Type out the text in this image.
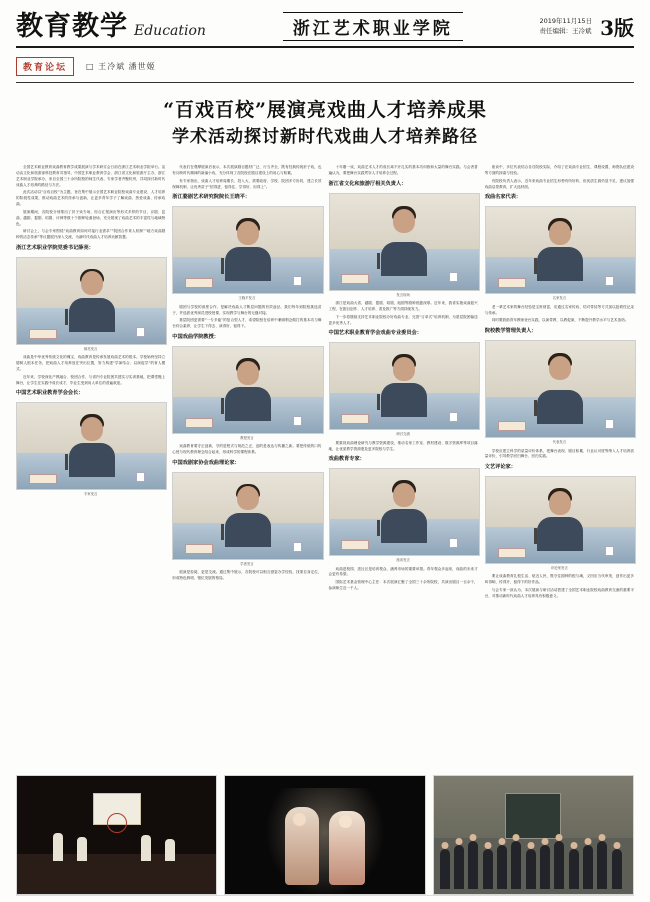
教育教学 Education	浙江艺术职业学院	2019年11月15日
责任编辑：王冷斌 3版
教育论坛	□ 王冷斌 潘世姬
“百戏百校”展演亮戏曲人才培养成果
学术活动探讨新时代戏曲人才培养路径

全国艺术职业教育戏曲教育教学成果展演与学术研讨会日前在浙江艺术职业学院举行。活动由文化和旅游部科技教育司指导，中国艺术职业教育学会、浙江省文化和旅游厅主办，浙江艺术职业学院承办，来自全国三十余所院校的师生代表、专家学者齐聚杭州，共同探讨新时代戏曲人才培养的路径与方法。

此次活动以“百戏百校”为主题，旨在集中展示全国艺术职业院校戏曲专业建设、人才培养的阶段性成果，推动戏曲艺术的传承与创新，让更多青年学子了解戏曲、热爱戏曲、传承戏曲。

展演期间，各院校分别推出了折子戏专场、综合汇报演出等形式多样的节目，京剧、昆曲、越剧、婺剧、绍剧、评弹等数十个剧种轮番登场，充分展现了戏曲艺术的丰富性与地域特色。

研讨会上，与会专家围绕“戏曲教育如何对接行业需求”“院团合作育人机制”“地方戏曲剧种的活态传承”等议题展开深入交流，为新时代戏曲人才培养贡献智慧。

浙江艺术职业学院党委书记薛亮：
薛亮发言

戏曲是中华优秀传统文化的瑰宝，戏曲教育是传承发展戏曲艺术的根本。学校始终坚持立德树人根本任务，把戏曲人才培养放在突出位置，努力构建“学演结合、以演促学”的育人模式。

近年来，学校深化产教融合、校团合作，与省内专业院团共建实习实训基地，把课堂搬上舞台，让学生在实践中成长成才，毕业生受到用人单位的普遍欢迎。

中国艺术职业教育学会会长：
专家发言

代表们在观摩展演后表示，本次展演剧目题材广泛、行当齐全，既有经典传统折子戏，也有反映时代精神的新编小戏，充分体现了各院校在剧目建设上的用心与积累。

有专家指出，戏曲人才培养周期长、投入大，需要政府、学校、院团多方协同，建立长效保障机制，让优秀苗子“招得进、留得住、学得好、用得上”。

浙江婺剧艺术研究院院长王晓平：
王晓平发言

剧团与学校的深度合作，是解决戏曲人才断层问题的有效途径。我们每年到院校挑选苗子，并选派优秀演员进校授课，实现教学与舞台的无缝对接。

基层院团更需要“一专多能”的复合型人才，希望院校在培养中兼顾唱念做打的基本功与舞台综合素养，让学生下得去、演得好、留得下。

中国戏曲学院教授：
教授发言

戏曲教育要守正创新，守的是程式与规范之正，创的是表达与传播之新。要把传统的口传心授与现代教育理念结合起来，形成科学的课程体系。

中国戏剧家协会戏曲理论家：
学者发言

展演是检阅，更是交流。通过集中展示，各院校可以相互借鉴办学经验，找准自身定位，形成特色鲜明、错位发展的格局。

十年磨一戏，戏曲艺术人才的成长离不开扎实的基本功训练和大量的舞台实践。与会者普遍认为，要把舞台实践贯穿人才培养全过程。

浙江省文化和旅游厅相关负责人：
发言现场

浙江是戏曲大省，越剧、婺剧、绍剧、瓯剧等剧种底蕴深厚。近年来，我省实施戏曲振兴工程，在剧目创作、人才培养、普及推广等方面持续发力。

下一步将继续支持艺术职业院校办好戏曲专业，完善“订单式”培养机制，为基层院团输送更多优秀人才。

中国艺术职业教育学会戏曲专业委员会：
研讨交流

要重视戏曲理论研究与教学资源建设，推动名家工作室、教材建设、数字资源库等项目落地，让优质教学资源惠及更多院校与学生。

戏曲教育专家：
座谈发言

戏曲进校园、进社区是培育观众、涵养市场的重要举措。青年观众多起来，戏曲的未来才会更有希望。

国际艺术基金管理中心主任：本次展演汇聚了全国三十余所院校，共演出剧目一百余个，参演师生近一千人。

座谈中，多位代表结合各自院校实际，介绍了在戏曲专业招生、课程设置、师资队伍建设等方面的探索与经验。

有院校负责人表示，近年来戏曲专业招生形势有所好转，但优质生源仍显不足，建议加强戏曲启蒙教育，扩大选材面。

戏曲名家代表：
名家发言

老一辈艺术家的舞台经验是宝贵财富，应通过名家传戏、结对带徒等方式加以抢救性记录与传承。

同时要鼓励青年教师登台实践，以演带教、以教促演，不断提升教学水平与艺术造诣。

院校教学管理负责人：
代表发言

学校应建立科学的质量评价体系，把舞台表现、剧目积累、行业认可度等纳入人才培养质量评价，引导教学回归舞台、回归实践。

文艺评论家：
评论家发言

要让戏曲教育扎根生活、贴近人民，既守住剧种的根与魂，又回应当代审美，创作出更多叫得响、传得开、留得下的好作品。

与会专家一致认为，本次展演与研讨活动搭建了全国艺术职业院校戏曲教育交流的重要平台，对推动新时代戏曲人才培养具有积极意义。
